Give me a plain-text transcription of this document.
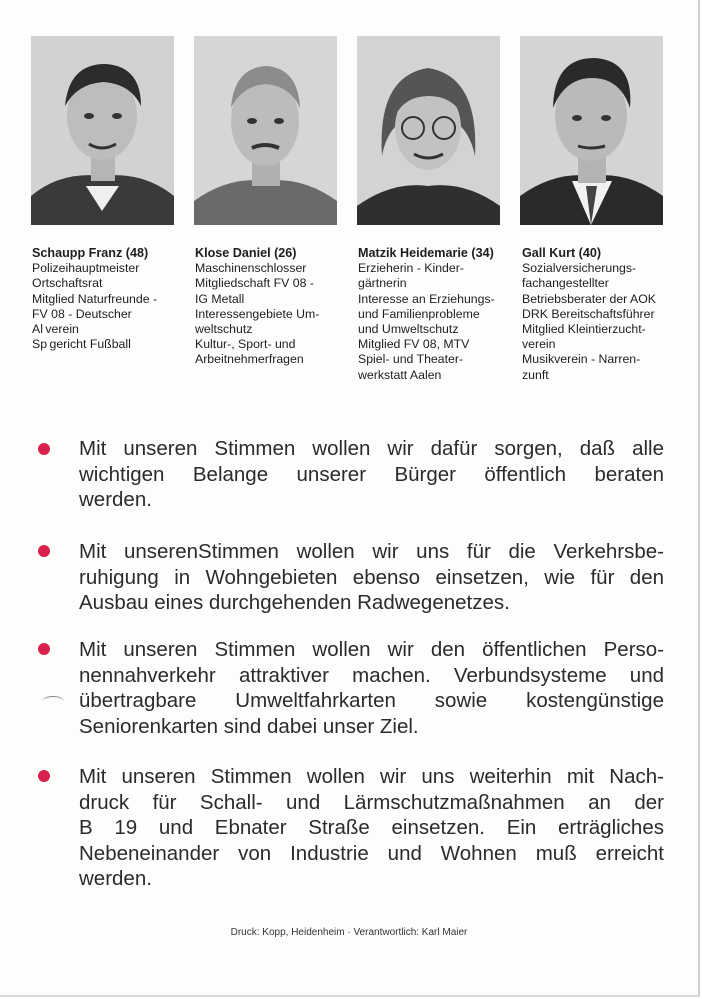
Schaupp Franz (48)
Polizeihauptmeister
Ortschaftsrat
Mitglied Naturfreunde -
FV 08 - Deutscher
Al verein
Sp gericht Fußball
Klose Daniel (26)
Maschinenschlosser
Mitgliedschaft FV 08 -
IG Metall
Interessengebiete Um-
weltschutz
Kultur-, Sport- und
Arbeitnehmerfragen
Matzik Heidemarie (34)
Erzieherin - Kinder-
gärtnerin
Interesse an Erziehungs-
und Familienprobleme
und Umweltschutz
Mitglied FV 08, MTV
Spiel- und Theater-
werkstatt Aalen
Gall Kurt (40)
Sozialversicherungs-
fachangestellter
Betriebsberater der AOK
DRK Bereitschaftsführer
Mitglied Kleintierzucht-
verein
Musikverein - Narren-
zunft
Mit unseren Stimmen wollen wir dafür sorgen, daß alle
wichtigen Belange unserer Bürger öffentlich beraten
werden.
Mit unserenStimmen wollen wir uns für die Verkehrsbe-
ruhigung in Wohngebieten ebenso einsetzen, wie für den
Ausbau eines durchgehenden Radwegenetzes.
Mit unseren Stimmen wollen wir den öffentlichen Perso-
nennahverkehr attraktiver machen. Verbundsysteme und
übertragbare Umweltfahrkarten sowie kostengünstige
Seniorenkarten sind dabei unser Ziel.
Mit unseren Stimmen wollen wir uns weiterhin mit Nach-
druck für Schall- und Lärmschutzmaßnahmen an der
B 19 und Ebnater Straße einsetzen. Ein erträgliches
Nebeneinander von Industrie und Wohnen muß erreicht
werden.
Druck: Kopp, Heidenheim · Verantwortlich: Karl Maier
